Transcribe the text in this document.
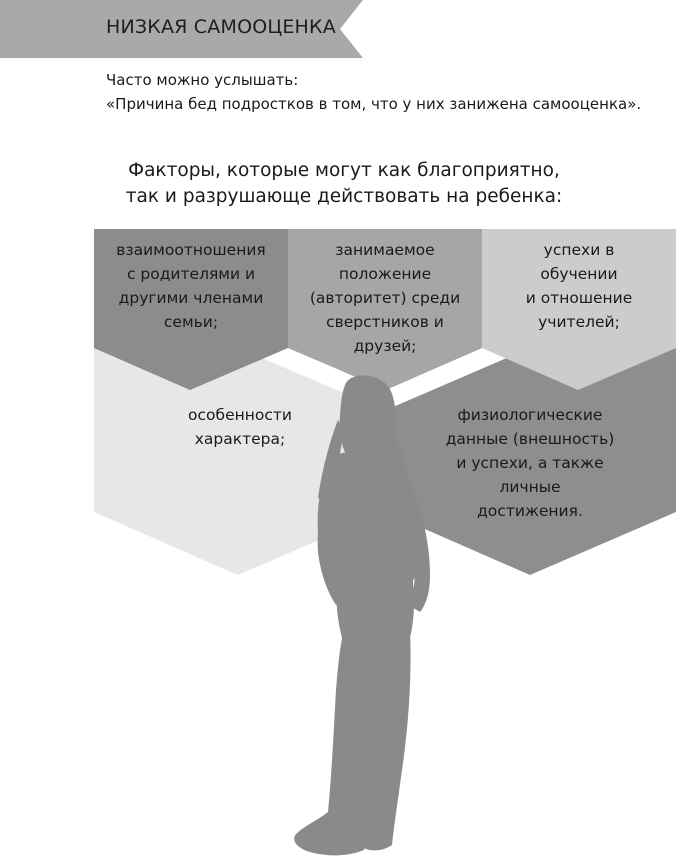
НИЗКАЯ САМООЦЕНКА
Часто можно услышать:
«Причина бед подростков в том, что у них занижена самооценка».
Факторы, которые могут как благоприятно,
так и разрушающе действовать на ребенка:
взаимоотношения
с родителями и
другими членами
семьи;
занимаемое
положение
(авторитет) среди
сверстников и
друзей;
успехи в
обучении
и отношение
учителей;
особенности
характера;
физиологические
данные (внешность)
и успехи, а также
личные
достижения.
